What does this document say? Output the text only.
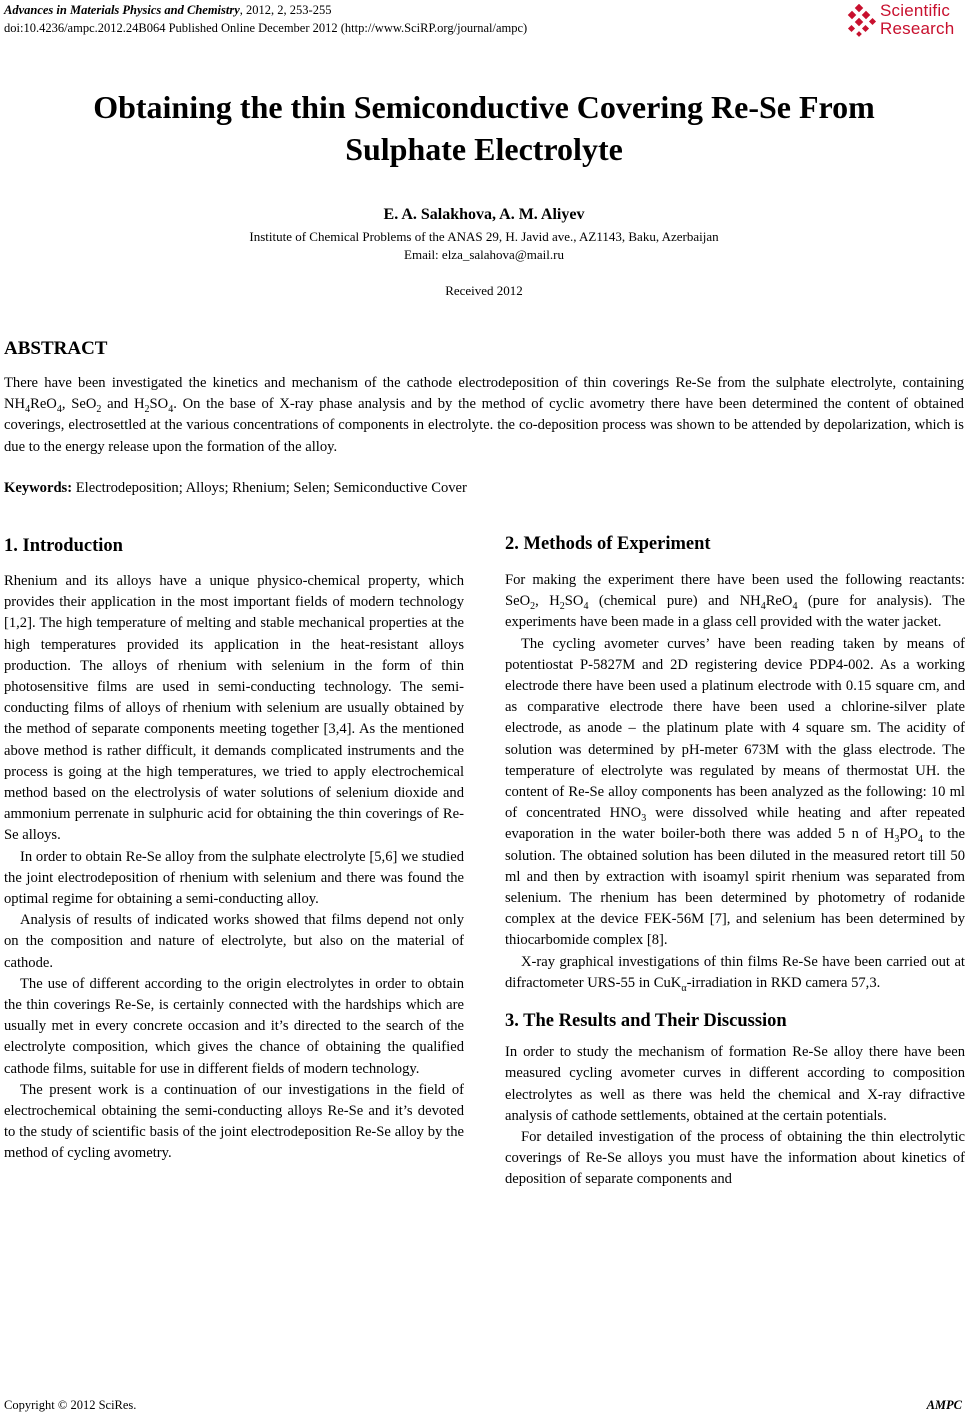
Advances in Materials Physics and Chemistry, 2012, 2, 253-255
doi:10.4236/ampc.2012.24B064 Published Online December 2012 (http://www.SciRP.org/journal/ampc)
Scientific
Research
Obtaining the thin Semiconductive Covering Re-Se From Sulphate Electrolyte
E. A. Salakhova, A. M. Aliyev
Institute of Chemical Problems of the ANAS 29, H. Javid ave., AZ1143, Baku, Azerbaijan
Email: elza_salahova@mail.ru
Received 2012
ABSTRACT
There have been investigated the kinetics and mechanism of the cathode electrodeposition of thin coverings Re-Se from the sulphate electrolyte, containing $NH_4ReO_4$, SeO$_2$ and $H_2SO_4$. On the base of X-ray phase analysis and by the method of cyclic avometry there have been determined the content of obtained coverings, electrosettled at the various concentrations of components in electrolyte. the co-deposition process was shown to be attended by depolarization, which is due to the energy release upon the formation of the alloy.
Keywords: Electrodeposition; Alloys; Rhenium; Selen; Semiconductive Cover
1. Introduction

Rhenium and its alloys have a unique physico-chemical property, which provides their application in the most important fields of modern technology [1,2]. The high temperature of melting and stable mechanical properties at the high temperatures provided its application in the heat-resistant alloys production. The alloys of rhenium with selenium in the form of thin photosensitive films are used in semi-conducting technology. The semi-conducting films of alloys of rhenium with selenium are usually obtained by the method of separate components meeting together [3,4]. As the mentioned above method is rather difficult, it demands complicated instruments and the process is going at the high temperatures, we tried to apply electrochemical method based on the electrolysis of water solutions of selenium dioxide and ammonium perrenate in sulphuric acid for obtaining the thin coverings of Re-Se alloys.

In order to obtain Re-Se alloy from the sulphate electrolyte [5,6] we studied the joint electrodeposition of rhenium with selenium and there was found the optimal regime for obtaining a semi-conducting alloy.

Analysis of results of indicated works showed that films depend not only on the composition and nature of electrolyte, but also on the material of cathode.

The use of different according to the origin electrolytes in order to obtain the thin coverings Re-Se, is certainly connected with the hardships which are usually met in every concrete occasion and it’s directed to the search of the electrolyte composition, which gives the chance of obtaining the qualified cathode films, suitable for use in different fields of modern technology.

The present work is a continuation of our investigations in the field of electrochemical obtaining the semi-conducting alloys Re-Se and it’s devoted to the study of scientific basis of the joint electrodeposition Re-Se alloy by the method of cycling avometry.

2. Methods of Experiment

For making the experiment there have been used the following reactants: SeO$_2$, $H_2SO_4$ (chemical pure) and $NH_4ReO_4$ (pure for analysis). The experiments have been made in a glass cell provided with the water jacket.

The cycling avometer curves’ have been reading taken by means of potentiostat P-5827M and 2D registering device PDP4-002. As a working electrode there have been used a platinum electrode with 0.15 square cm, and as comparative electrode there have been used a chlorine-silver plate electrode, as anode – the platinum plate with 4 square sm. The acidity of solution was determined by pH-meter 673M with the glass electrode. The temperature of electrolyte was regulated by means of thermostat UH. the content of Re-Se alloy components has been analyzed as the following: 10 ml of concentrated $HNO_3$ were dissolved while heating and after repeated evaporation in the water boiler-both there was added 5 n of $H_3PO_4$ to the solution. The obtained solution has been diluted in the measured retort till 50 ml and then by extraction with isoamyl spirit rhenium was separated from selenium. The rhenium has been determined by photometry of rodanide complex at the device FEK-56M [7], and selenium has been determined by thiocarbomide complex [8].

X-ray graphical investigations of thin films Re-Se have been carried out at difractometer URS-55 in CuK$_\alpha$-irradiation in RKD camera 57,3.

3. The Results and Their Discussion

In order to study the mechanism of formation Re-Se alloy there have been measured cycling avometer curves in different according to composition electrolytes as well as there was held the chemical and X-ray difractive analysis of cathode settlements, obtained at the certain potentials.

For detailed investigation of the process of obtaining the thin electrolytic coverings of Re-Se alloys you must have the information about kinetics of deposition of separate components and

Copyright © 2012 SciRes.	AMPC
